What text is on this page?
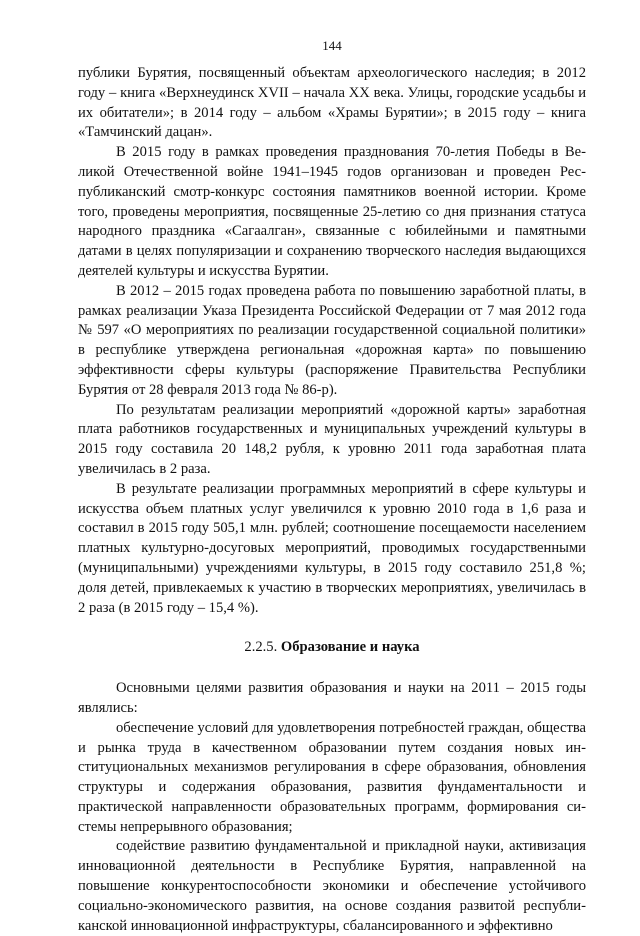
144

публики Бурятия, посвященный объектам археологического наследия; в 2012 году – книга «Верхнеудинск XVII – начала XX века. Улицы, городские усадьбы и их обитатели»; в 2014 году – альбом «Храмы Бурятии»; в 2015 году – книга «Тамчинский дацан».

В 2015 году в рамках проведения празднования 70-летия Победы в Великой Отечественной войне 1941–1945 годов организован и проведен Республиканский смотр-конкурс состояния памятников военной истории. Кроме того, проведены мероприятия, посвященные 25-летию со дня признания статуса народного праздника «Сагаалган», связанные с юбилейными и памятными датами в целях популяризации и сохранению творческого наследия выдающихся деятелей культуры и искусства Бурятии.

В 2012 – 2015 годах проведена работа по повышению заработной платы, в рамках реализации Указа Президента Российской Федерации от 7 мая 2012 года № 597 «О мероприятиях по реализации государственной социальной политики» в республике утверждена региональная «дорожная карта» по повышению эффективности сферы культуры (распоряжение Правительства Республики Бурятия от 28 февраля 2013 года № 86-р).

По результатам реализации мероприятий «дорожной карты» заработная плата работников государственных и муниципальных учреждений культуры в 2015 году составила 20 148,2 рубля, к уровню 2011 года заработная плата увеличилась в 2 раза.

В результате реализации программных мероприятий в сфере культуры и искусства объем платных услуг увеличился к уровню 2010 года в 1,6 раза и составил в 2015 году 505,1 млн. рублей; соотношение посещаемости населением платных культурно-досуговых мероприятий, проводимых государственными (муниципальными) учреждениями культуры, в 2015 году составило 251,8 %; доля детей, привлекаемых к участию в творческих мероприятиях, увеличилась в 2 раза (в 2015 году – 15,4 %).

2.2.5. Образование и наука

Основными целями развития образования и науки на 2011 – 2015 годы являлись:

обеспечение условий для удовлетворения потребностей граждан, общества и рынка труда в качественном образовании путем создания новых институциональных механизмов регулирования в сфере образования, обновления структуры и содержания образования, развития фундаментальности и практической направленности образовательных программ, формирования системы непрерывного образования;

содействие развитию фундаментальной и прикладной науки, активизация инновационной деятельности в Республике Бурятия, направленной на повышение конкурентоспособности экономики и обеспечение устойчивого социально-экономического развития, на основе создания развитой республиканской инновационной инфраструктуры, сбалансированного и эффективно
